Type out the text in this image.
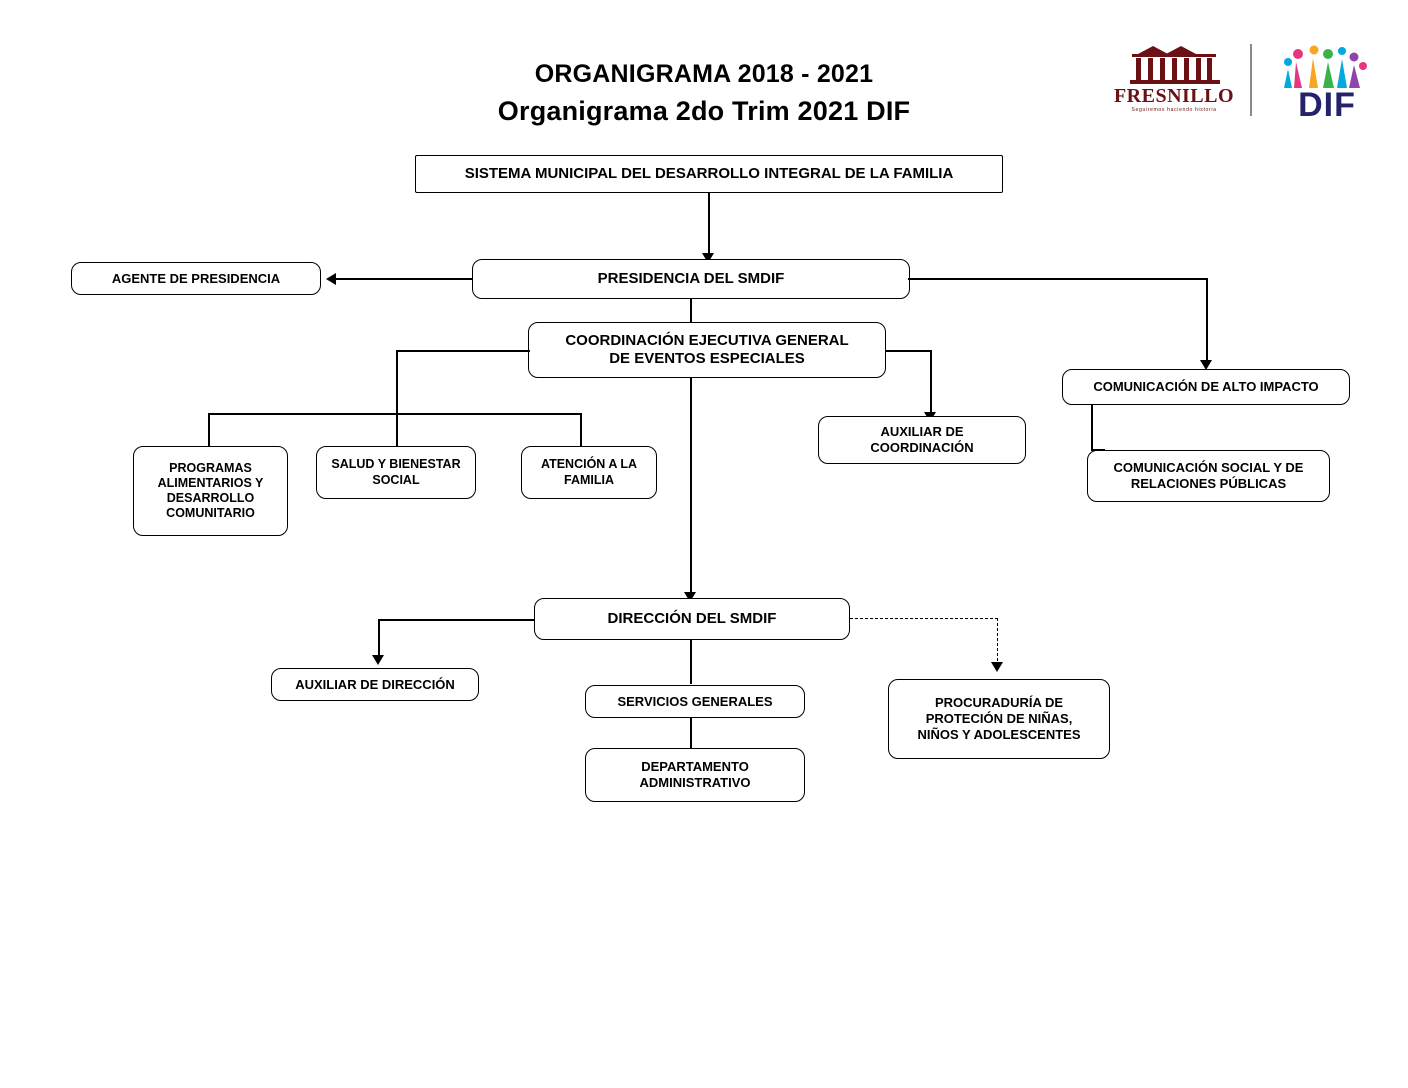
ORGANIGRAMA 2018 - 2021
Organigrama 2do Trim 2021 DIF	FRESNILLO
Seguiremos haciendo historia DIF
SISTEMA MUNICIPAL DEL DESARROLLO INTEGRAL DE LA FAMILIA
PRESIDENCIA DEL SMDIF
AGENTE DE PRESIDENCIA
COORDINACIÓN EJECUTIVA GENERAL
DE EVENTOS ESPECIALES
COMUNICACIÓN DE ALTO IMPACTO
COMUNICACIÓN SOCIAL Y DE
RELACIONES PÚBLICAS
AUXILIAR DE
COORDINACIÓN
PROGRAMAS
ALIMENTARIOS Y
DESARROLLO
COMUNITARIO
SALUD Y BIENESTAR
SOCIAL
ATENCIÓN A LA
FAMILIA
DIRECCIÓN DEL SMDIF
AUXILIAR DE DIRECCIÓN
SERVICIOS GENERALES
DEPARTAMENTO
ADMINISTRATIVO
PROCURADURÍA DE
PROTECIÓN DE NIÑAS,
NIÑOS Y ADOLESCENTES
